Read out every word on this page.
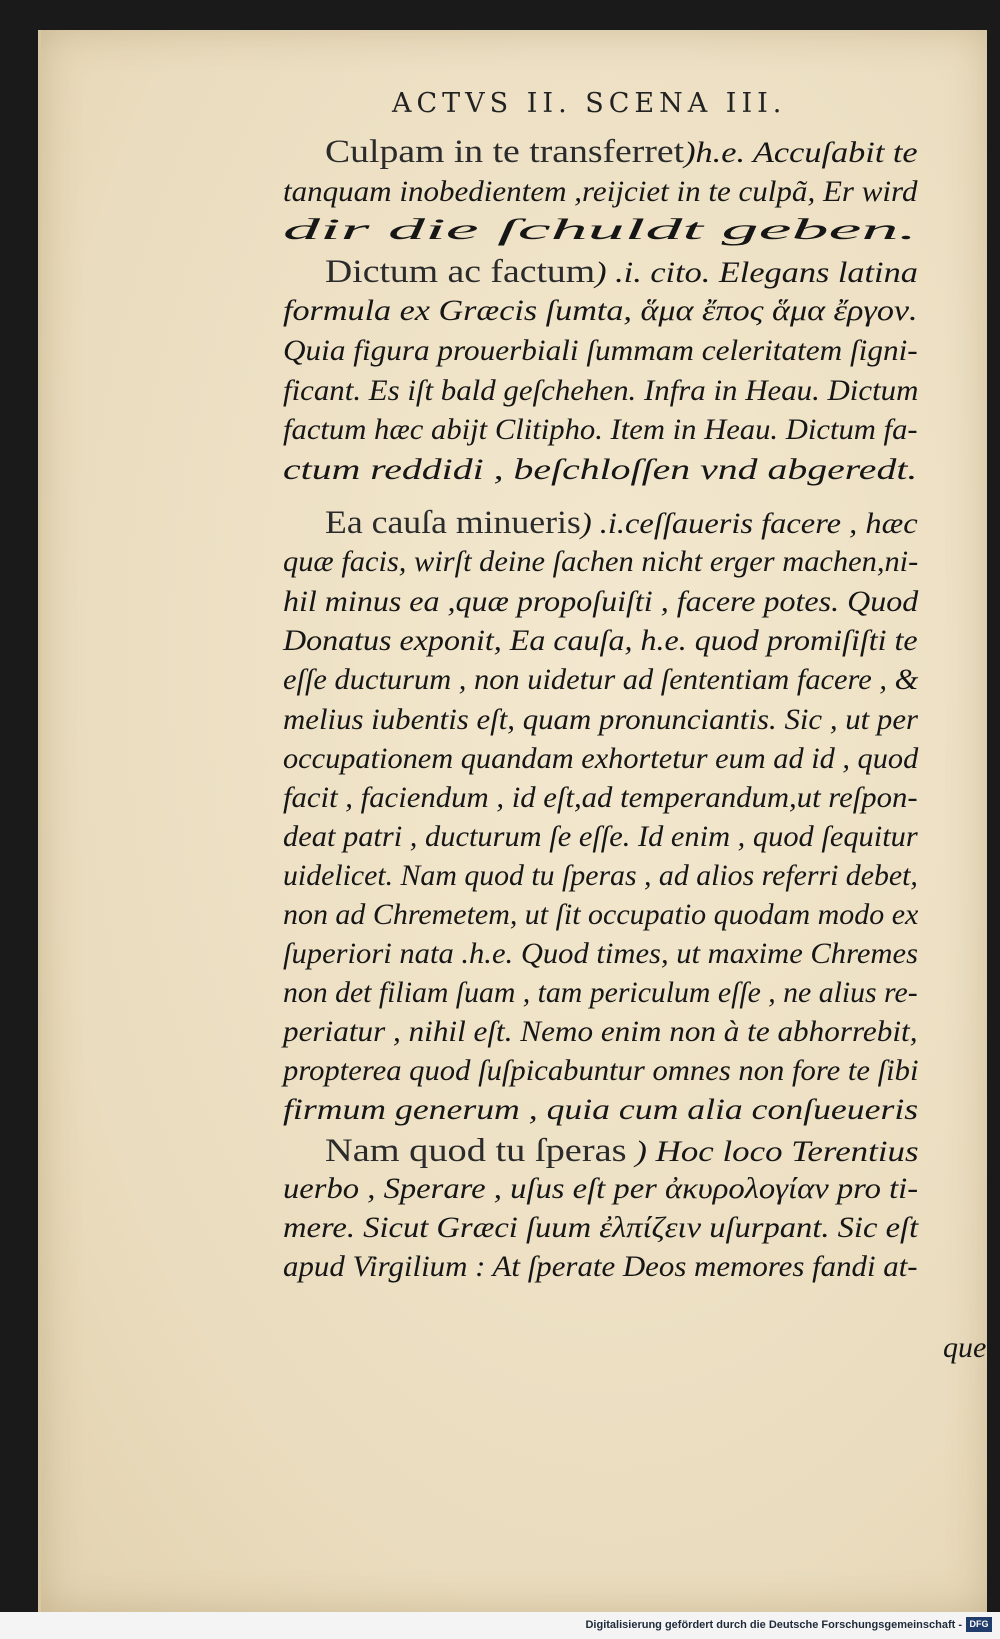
ACTVS II. SCENA III.
Culpam in te transferret)h.e. Accuſabit te
tanquam inobedientem ,reijciet in te culpã, Er wird
dir die ſchuldt geben.
Dictum ac factum) .i. cito. Elegans latina
formula ex Græcis ſumta, ἅμα ἔπος ἅμα ἔργον.
Quia figura prouerbiali ſummam celeritatem ſigni-
ficant. Es iſt bald geſchehen. Infra in Heau. Dictum
factum hæc abijt Clitipho. Item in Heau. Dictum fa-
ctum reddidi , beſchloſſen vnd abgeredt.
Ea cauſa minueris) .i.ceſſaueris facere , hæc
quæ facis, wirſt deine ſachen nicht erger machen,ni-
hil minus ea ,quæ propoſuiſti , facere potes. Quod
Donatus exponit, Ea cauſa, h.e. quod promiſiſti te
eſſe ducturum , non uidetur ad ſententiam facere , &
melius iubentis eſt, quam pronunciantis. Sic , ut per
occupationem quandam exhortetur eum ad id , quod
facit , faciendum , id eſt,ad temperandum,ut reſpon-
deat patri , ducturum ſe eſſe. Id enim , quod ſequitur
uidelicet. Nam quod tu ſperas , ad alios referri debet,
non ad Chremetem, ut ſit occupatio quodam modo ex
ſuperiori nata .h.e. Quod times, ut maxime Chremes
non det filiam ſuam , tam periculum eſſe , ne alius re-
periatur , nihil eſt. Nemo enim non à te abhorrebit,
propterea quod ſuſpicabuntur omnes non fore te ſibi
firmum generum , quia cum alia conſueueris
Nam quod tu ſperas ) Hoc loco Terentius
uerbo , Sperare , uſus eſt per ἀκυρολογίαν pro ti-
mere. Sicut Græci ſuum ἐλπίζειν uſurpant. Sic eſt
apud Virgilium : At ſperate Deos memores fandi at-
que
Digitalisierung gefördert durch die Deutsche Forschungsgemeinschaft - DFG
